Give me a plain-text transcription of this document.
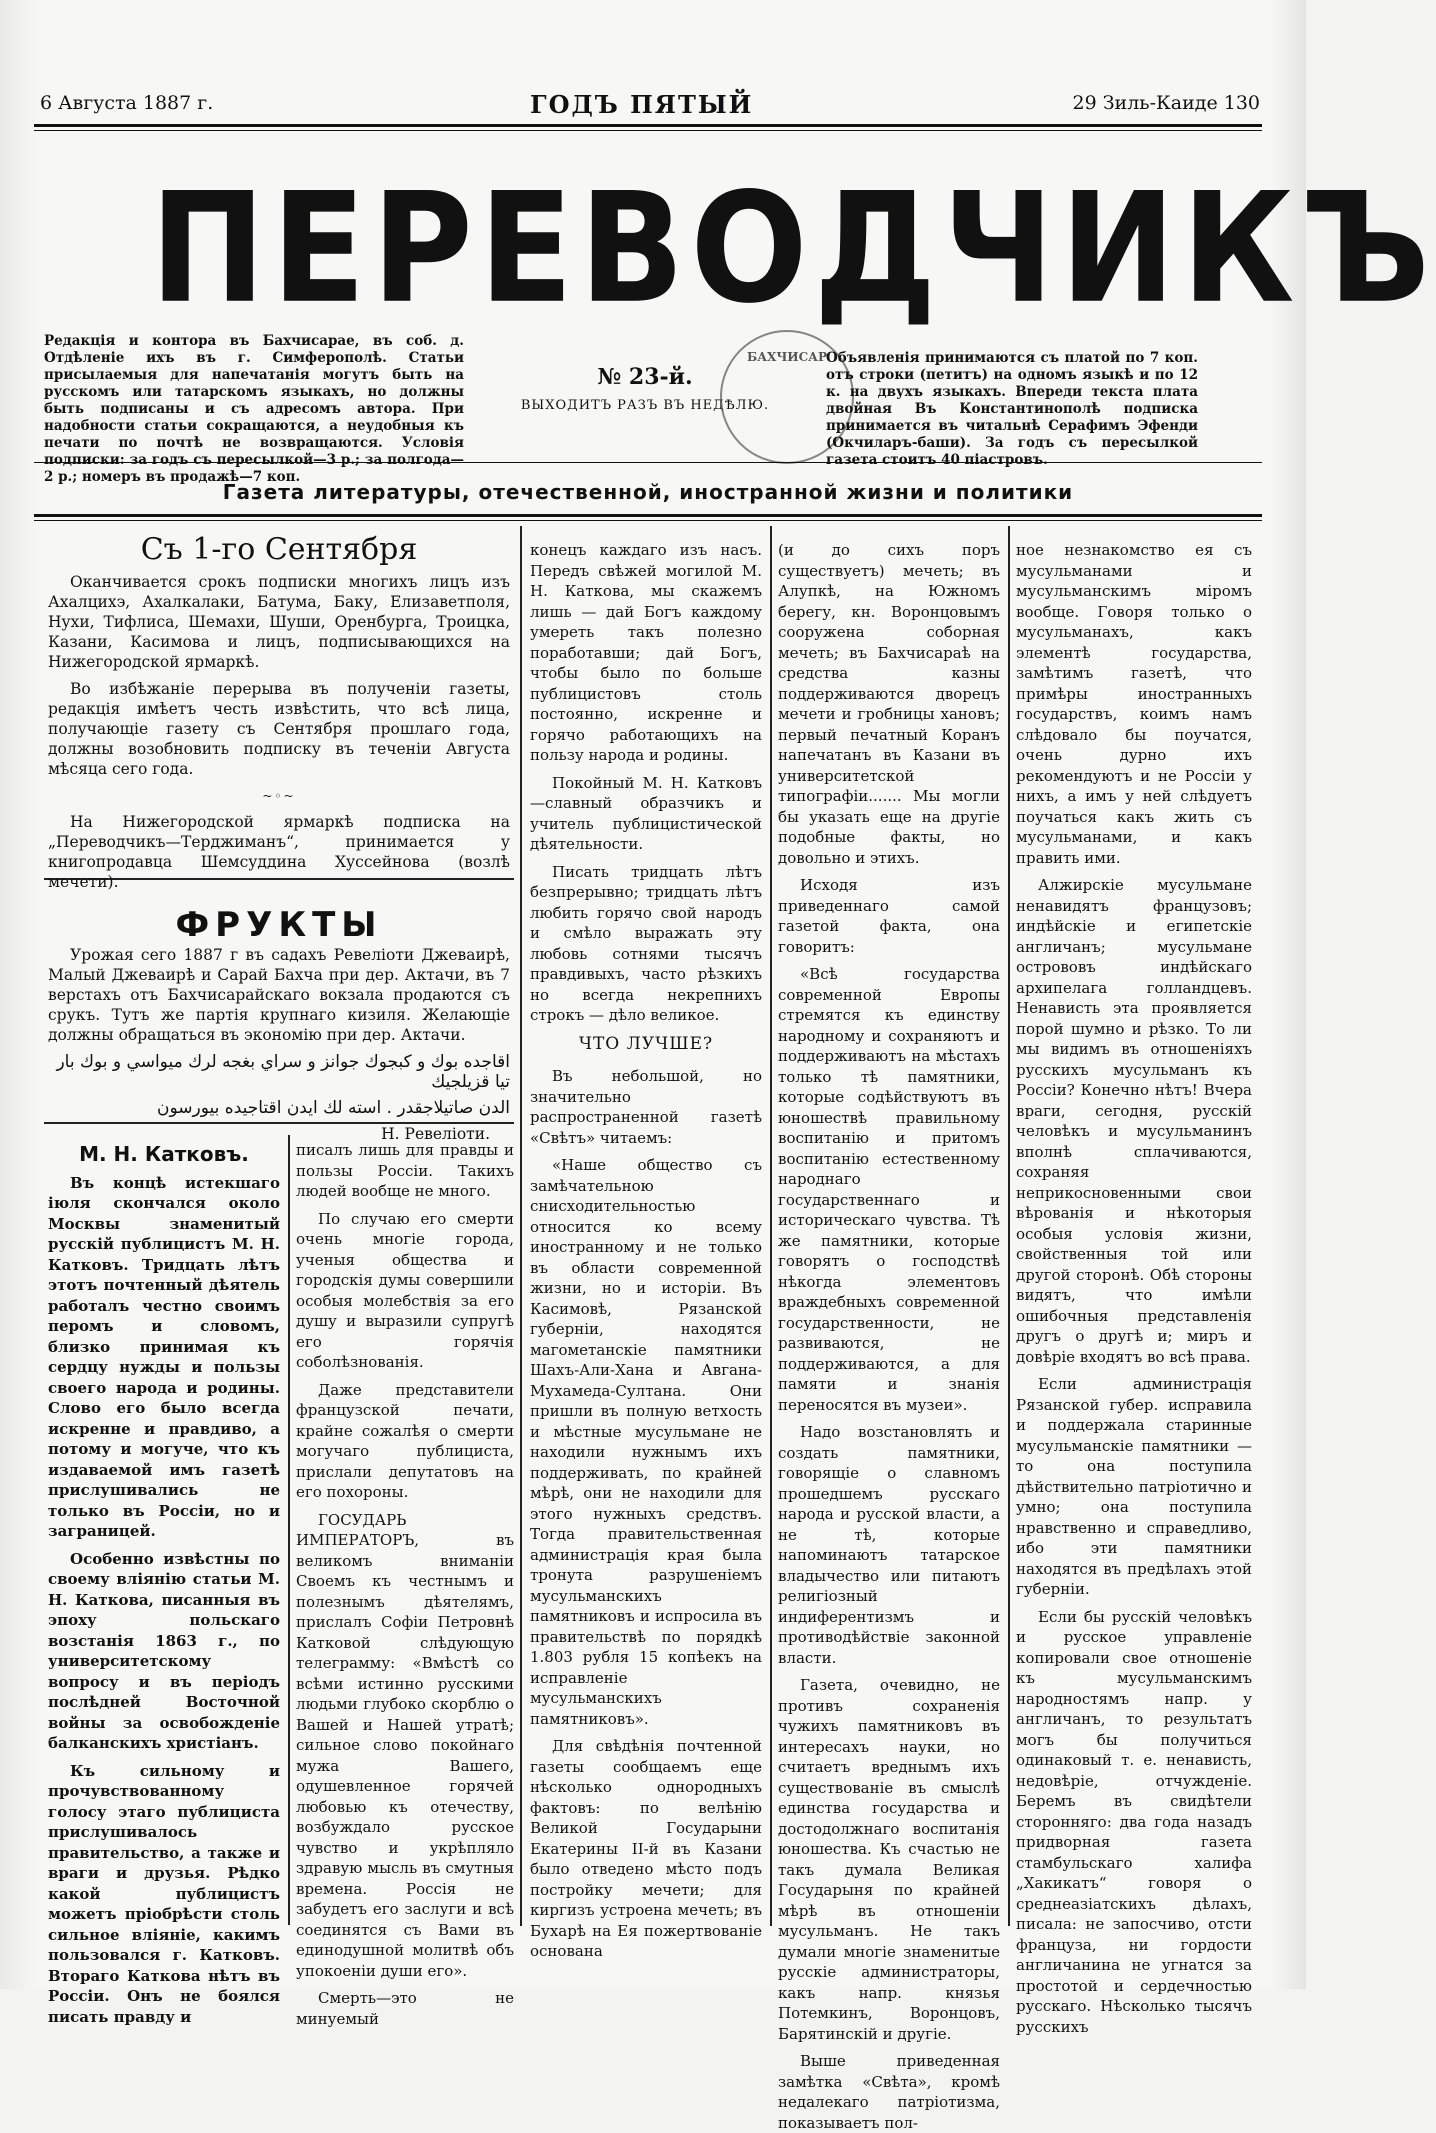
6 Августа 1887 г.	ГОДЪ ПЯТЫЙ	29 Зиль-Каиде 130
ПЕРЕВОДЧИКЪ
Редакція и контора въ Бахчисарае, въ соб. д. Отдѣленіе ихъ въ г. Симферополѣ. Статьи присылаемыя для напечатанія могутъ быть на русскомъ или татарскомъ языкахъ, но должны быть подписаны и съ адресомъ автора. При надобности статьи сокращаются, а неудобныя къ печати по почтѣ не возвращаются. Условія подписки: за годъ съ пересылкой—3 р.; за полгода—2 р.; номеръ въ продажѣ—7 коп.
№ 23-й.
ВЫХОДИТЪ РАЗЪ ВЪ НЕДѢЛЮ.
БАХЧИСАР Объявленія принимаются съ платой по 7 коп. отъ строки (петитъ) на одномъ языкѣ и по 12 к. на двухъ языкахъ. Впереди текста плата двойная Въ Константинополѣ подписка принимается въ читальнѣ Серафимъ Эфенди (Окчиларъ-баши). За годъ съ пересылкой газета стоитъ 40 піастровъ.
Газета литературы, отечественной, иностранной жизни и политики
Съ 1-го Сентября

Оканчивается срокъ подписки многихъ лицъ изъ Ахалцихэ, Ахалкалаки, Батума, Баку, Елизаветполя, Нухи, Тифлиса, Шемахи, Шуши, Оренбурга, Троицка, Казани, Касимова и лицъ, подписывающихся на Нижегородской ярмаркѣ.

Во избѣжаніе перерыва въ полученіи газеты, редакція имѣетъ честь извѣстить, что всѣ лица, получающіе газету съ Сентября прошлаго года, должны возобновить подписку въ теченіи Августа мѣсяца сего года.

~◦~

На Нижегородской ярмаркѣ подписка на „Переводчикъ—Терджиманъ“, принимается у книгопродавца Шемсуддина Хуссейнова (возлѣ мечети).

ФРУКТЫ

Урожая сего 1887 г въ садахъ Ревеліоти Джеваирѣ, Малый Джеваирѣ и Сарай Бахча при дер. Актачи, въ 7 верстахъ отъ Бахчисарайскаго вокзала продаются съ срукъ. Тутъ же партія крупнаго кизиля. Желающіе должны обращаться въ экономію при дер. Актачи.

اقاجده بوك و كبجوك جوانز و سراي بغجه لرك ميواسي و بوك بار تيا قزيلجيك
الدن صاتيلاجقدر . استه لك ايدن اقتاجيده بيورسون
Н. Ревеліоти.
М. Н. Катковъ.

Въ концѣ истекшаго іюля скончался около Москвы знаменитый русскій публицистъ М. Н. Катковъ. Тридцать лѣтъ этотъ почтенный дѣятель работалъ честно своимъ перомъ и словомъ, близко принимая къ сердцу нужды и пользы своего народа и родины. Слово его было всегда искренне и правдиво, а потому и могуче, что къ издаваемой имъ газетѣ прислушивались не только въ Россіи, но и заграницей.

Особенно извѣстны по своему вліянію статьи М. Н. Каткова, писанныя въ эпоху польскаго возстанія 1863 г., по университетскому вопросу и въ періодъ послѣдней Восточной войны за освобожденіе балканскихъ христіанъ.

Къ сильному и прочувствованному голосу этаго публициста прислушивалось правительство, а также и враги и друзья. Рѣдко какой публицистъ можетъ пріобрѣсти столь сильное вліяніе, какимъ пользовался г. Катковъ. Втораго Каткова нѣтъ въ Россіи. Онъ не боялся писать правду и

писалъ лишь для правды и пользы Россіи. Такихъ людей вообще не много.

По случаю его смерти очень многіе города, ученыя общества и городскія думы совершили особыя молебствія за его душу и выразили супругѣ его горячія соболѣзнованія.

Даже представители французской печати, крайне сожалѣя о смерти могучаго публициста, прислали депутатовъ на его похороны.

ГОСУДАРЬ ИМПЕРАТОРЪ, въ великомъ вниманіи Своемъ къ честнымъ и полезнымъ дѣятелямъ, прислалъ Софіи Петровнѣ Катковой слѣдующую телеграмму: «Вмѣстѣ со всѣми истинно русскими людьми глубоко скорблю о Вашей и Нашей утратѣ; сильное слово покойнаго мужа Вашего, одушевленное горячей любовью къ отечеству, возбуждало русское чувство и укрѣпляло здравую мысль въ смутныя времена. Россія не забудетъ его заслуги и всѣ соединятся съ Вами въ единодушной молитвѣ объ упокоеніи души его».

Смерть—это не минуемый

конецъ каждаго изъ насъ. Передъ свѣжей могилой М. Н. Каткова, мы скажемъ лишь — дай Богъ каждому умереть такъ полезно поработавши; дай Богъ, чтобы было по больше публицистовъ столь постоянно, искренне и горячо работающихъ на пользу народа и родины.

Покойный М. Н. Катковъ—славный образчикъ и учитель публицистической дѣятельности.

Писать тридцать лѣтъ безпрерывно; тридцать лѣтъ любить горячо свой народъ и смѣло выражать эту любовь сотнями тысячъ правдивыхъ, часто рѣзкихъ но всегда некрепнихъ строкъ — дѣло великое.

ЧТО ЛУЧШЕ?

Въ небольшой, но значительно распространенной газетѣ «Свѣтъ» читаемъ:

«Наше общество съ замѣчательною снисходительностью относится ко всему иностранному и не только въ области современной жизни, но и исторіи. Въ Касимовѣ, Рязанской губерніи, находятся магометанскіе памятники Шахъ-Али-Хана и Авгана-Мухамеда-Султана. Они пришли въ полную ветхость и мѣстные мусульмане не находили нужнымъ ихъ поддерживать, по крайней мѣрѣ, они не находили для этого нужныхъ средствъ. Тогда правительственная администрація края была тронута разрушеніемъ мусульманскихъ памятниковъ и испросила въ правительствѣ по порядкѣ 1.803 рубля 15 копѣекъ на исправленіе мусульманскихъ памятниковъ».

Для свѣдѣнія почтенной газеты сообщаемъ еще нѣсколько однородныхъ фактовъ: по велѣнію Великой Государыни Екатерины II-й въ Казани было отведено мѣсто подъ постройку мечети; для киргизъ устроена мечеть; въ Бухарѣ на Ея пожертвованіе основана

(и до сихъ поръ существуетъ) мечеть; въ Алупкѣ, на Южномъ берегу, кн. Воронцовымъ сооружена соборная мечеть; въ Бахчисараѣ на средства казны поддерживаются дворецъ мечети и гробницы хановъ; первый печатный Коранъ напечатанъ въ Казани въ университетской типографіи....... Мы могли бы указать еще на другіе подобные факты, но довольно и этихъ.

Исходя изъ приведеннаго самой газетой факта, она говоритъ:

«Всѣ государства современной Европы стремятся къ единству народному и сохраняютъ и поддерживаютъ на мѣстахъ только тѣ памятники, которые содѣйствуютъ въ юношествѣ правильному воспитанію и притомъ воспитанію естественному народнаго государственнаго и историческаго чувства. Тѣ же памятники, которые говорятъ о господствѣ нѣкогда элементовъ враждебныхъ современной государственности, не развиваются, не поддерживаются, а для памяти и знанія переносятся въ музеи».

Надо возстановлять и создать памятники, говорящіе о славномъ прошедшемъ русскаго народа и русской власти, а не тѣ, которые напоминаютъ татарское владычество или питаютъ религіозный индиферентизмъ и противодѣйствіе законной власти.

Газета, очевидно, не противъ сохраненія чужихъ памятниковъ въ интересахъ науки, но считаетъ вреднымъ ихъ существованіе въ смыслѣ единства государства и достодолжнаго воспитанія юношества. Къ счастью не такъ думала Великая Государыня по крайней мѣрѣ въ отношеніи мусульманъ. Не такъ думали многіе знаменитые русскіе администраторы, какъ напр. князья Потемкинъ, Воронцовъ, Барятинскій и другіе.

Выше приведенная замѣтка «Свѣта», кромѣ недалекаго патріотизма, показываетъ пол-

ное незнакомство ея съ мусульманами и мусульманскимъ міромъ вообще. Говоря только о мусульманахъ, какъ элементѣ государства, замѣтимъ газетѣ, что примѣры иностранныхъ государствъ, коимъ намъ слѣдовало бы поучатся, очень дурно ихъ рекомендуютъ и не Россіи у нихъ, а имъ у ней слѣдуетъ поучаться какъ жить съ мусульманами, и какъ править ими.

Алжирскіе мусульмане ненавидятъ французовъ; индѣйскіе и египетскіе англичанъ; мусульмане острововъ индѣйскаго архипелага голландцевъ. Ненависть эта проявляется порой шумно и рѣзко. То ли мы видимъ въ отношеніяхъ русскихъ мусульманъ къ Россіи? Конечно нѣтъ! Вчера враги, сегодня, русскій человѣкъ и мусульманинъ вполнѣ сплачиваются, сохраняя неприкосновенными свои вѣрованія и нѣкоторыя особыя условія жизни, свойственныя той или другой сторонѣ. Обѣ стороны видятъ, что имѣли ошибочныя представленія другъ о другѣ и; миръ и довѣріе входятъ во всѣ права.

Если администрація Рязанской губер. исправила и поддержала старинные мусульманскіе памятники — то она поступила дѣйствительно патріотично и умно; она поступила нравственно и справедливо, ибо эти памятники находятся въ предѣлахъ этой губерніи.

Если бы русскій человѣкъ и русское управленіе копировали свое отношеніе къ мусульманскимъ народностямъ напр. у англичанъ, то результатъ могъ бы получиться одинаковый т. е. ненависть, недовѣріе, отчужденіе. Беремъ въ свидѣтели сторонняго: два года назадъ придворная газета стамбульскаго халифа „Хакикатъ“ говоря о среднеазіатскихъ дѣлахъ, писала: не запосчиво, отсти француза, ни гордости англичанина не угнатся за простотой и сердечностью русскаго. Нѣсколько тысячъ русскихъ
